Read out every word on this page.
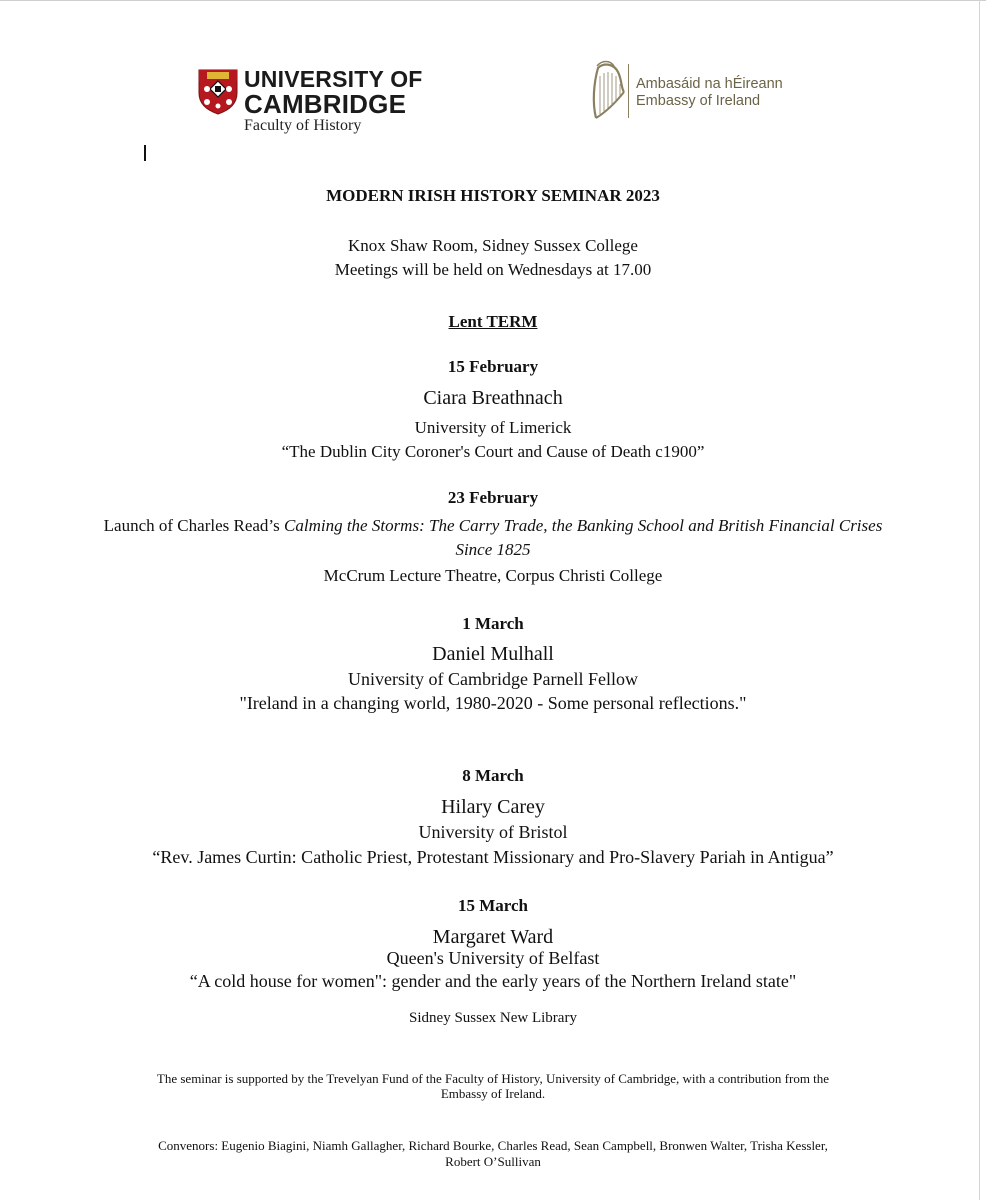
UNIVERSITY OF
CAMBRIDGE
Faculty of History
Ambasáid na hÉireann
Embassy of Ireland
MODERN IRISH HISTORY SEMINAR 2023
Knox Shaw Room, Sidney Sussex College
Meetings will be held on Wednesdays at 17.00
Lent TERM
15 February
Ciara Breathnach
University of Limerick
“The Dublin City Coroner's Court and Cause of Death c1900”
23 February
Launch of Charles Read’s Calming the Storms: The Carry Trade, the Banking School and British Financial Crises
Since 1825
McCrum Lecture Theatre, Corpus Christi College
1 March
Daniel Mulhall
University of Cambridge Parnell Fellow
"Ireland in a changing world, 1980-2020 - Some personal reflections."
8 March
Hilary Carey
University of Bristol
“Rev. James Curtin: Catholic Priest, Protestant Missionary and Pro-Slavery Pariah in Antigua”
15 March
Margaret Ward
Queen's University of Belfast
“A cold house for women": gender and the early years of the Northern Ireland state"
Sidney Sussex New Library
The seminar is supported by the Trevelyan Fund of the Faculty of History, University of Cambridge, with a contribution from the
Embassy of Ireland.
Convenors: Eugenio Biagini, Niamh Gallagher, Richard Bourke, Charles Read, Sean Campbell, Bronwen Walter, Trisha Kessler,
Robert O’Sullivan
